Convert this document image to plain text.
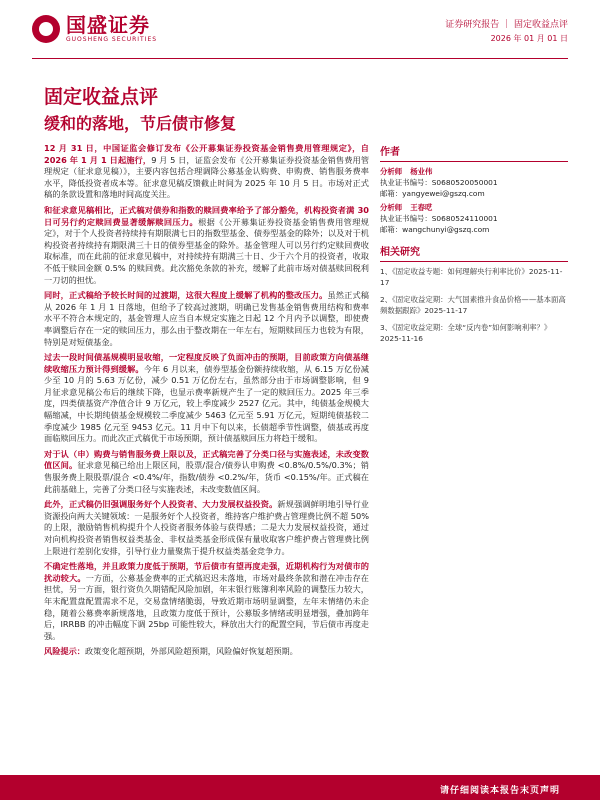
国盛证券
GUOSHENG SECURITIES
证券研究报告 ｜ 固定收益点评
2026 年 01 月 01 日
固定收益点评
缓和的落地，节后债市修复

12 月 31 日，中国证监会修订发布《公开募集证券投资基金销售费用管理规定》，自 2026 年 1 月 1 日起施行，9 月 5 日，证监会发布《公开募集证券投资基金销售费用管理规定（征求意见稿）》，主要内容包括合理调降公募基金认购费、申购费、销售服务费率水平，降低投资者成本等。征求意见稿反馈截止时间为 2025 年 10 月 5 日。市场对正式稿的条款设置和落地时间高度关注。

和征求意见稿相比，正式稿对债券和指数的赎回费率给予了部分豁免，机构投资者满 30 日可另行约定赎回费显著缓解赎回压力。根据《公开募集证券投资基金销售费用管理规定》，对于个人投资者持续持有期限满七日的指数型基金、债券型基金的除外；以及对于机构投资者持续持有期限满三十日的债券型基金的除外。基金管理人可以另行约定赎回费收取标准，而在此前的征求意见稿中，对持续持有期满三十日、少于六个月的投资者，收取不低于赎回金额 0.5% 的赎回费。此次豁免条款的补充，缓解了此前市场对债基赎回税利一刀切的担忧。

同时，正式稿给予较长时间的过渡期，这很大程度上缓解了机构的整改压力。虽然正式稿从 2026 年 1 月 1 日落地，但给予了较高过渡期，明确已发售基金销售费用结构和费率水平不符合本规定的，基金管理人应当自本规定实施之日起 12 个月内予以调整，即使费率调整后存在一定的赎回压力，那么由于整改期在一年左右，短期赎回压力也较为有限，特别是对短债基金。

过去一段时间债基规模明显收缩，一定程度反映了负面冲击的预期，目前政策方向债基继续收缩压力预计得到缓解。今年 6 月以来，债券型基金份额持续收缩，从 6.15 万亿份减少至 10 月的 5.63 万亿份，减少 0.51 万亿份左右，虽然部分由于市场调整影响，但 9 月征求意见稿公布后的继续下降，也显示费率新规产生了一定的赎回压力。2025 年三季度，四类债基资产净值合计 9 万亿元，较上季度减少 2527 亿元。其中，纯债基金规模大幅缩减，中长期纯债基金规模较二季度减少 5463 亿元至 5.91 万亿元，短期纯债基较二季度减少 1985 亿元至 9453 亿元。11 月中下旬以来，长债超季节性调整，债基或再度面临赎回压力。而此次正式稿优于市场预期，预计债基赎回压力将趋于缓和。

对于认（申）购费与销售服务费上限以及，正式稿完善了分类口径与实施表述，未改变数值区间。征求意见稿已给出上限区间，股票/混合/债券认申购费 <0.8%/0.5%/0.3%；销售服务费上限股票/混合 <0.4%/年，指数/债券 <0.2%/年，货币 <0.15%/年。正式稿在此前基础上，完善了分类口径与实施表述，未改变数值区间。

此外，正式稿仍旧强调服务好个人投资者、大力发展权益投资。新规强调鲜明地引导行业资源投向两大关键领域：一是服务好个人投资者，维持客户维护费占管理费比例不超 50% 的上限，激励销售机构提升个人投资者服务体验与获得感；二是大力发展权益投资，通过对向机构投资者销售权益类基金、非权益类基金形成保有量收取客户维护费占管理费比例上限进行差别化安排，引导行业力量聚焦于提升权益类基金竞争力。

不确定性落地，并且政策力度低于预期，节后债市有望再度走强，近期机构行为对债市的扰动较大。一方面，公募基金费率的正式稿迟迟未落地，市场对最终条款和潜在冲击存在担忧，另一方面，银行资负久期错配风险加剧，年末银行账簿利率风险的调整压力较大，年末配置盘配置需求不足，交易盘情绪脆弱，导致近期市场明显调整，左年末情绪仍未企稳，随着公募费率新规落地，且政策力度低于预计，公募版多情绪或明显增强，叠加跨年后，IRRBB 的冲击幅度下调 25bp 可能性较大，释放出大行的配置空间，节后债市再度走强。

风险提示：政策变化超预期，外部风险超预期，风险偏好恢复超预期。

作者
分析师 杨业伟
执业证书编号：S0680520050001
邮箱：yangyewei@gszq.com
分析师 王春呓
执业证书编号：S0680524110001
邮箱：wangchunyi@gszq.com
相关研究
1、《固定收益专题：如何理解央行利率比价》2025-11-17
2、《固定收益定期：大气国素推升食品价格——基本面高频数据跟踪》2025-11-17
3、《固定收益定期：全球“反内卷”如何影响利率？》2025-11-16
请仔细阅读本报告末页声明
